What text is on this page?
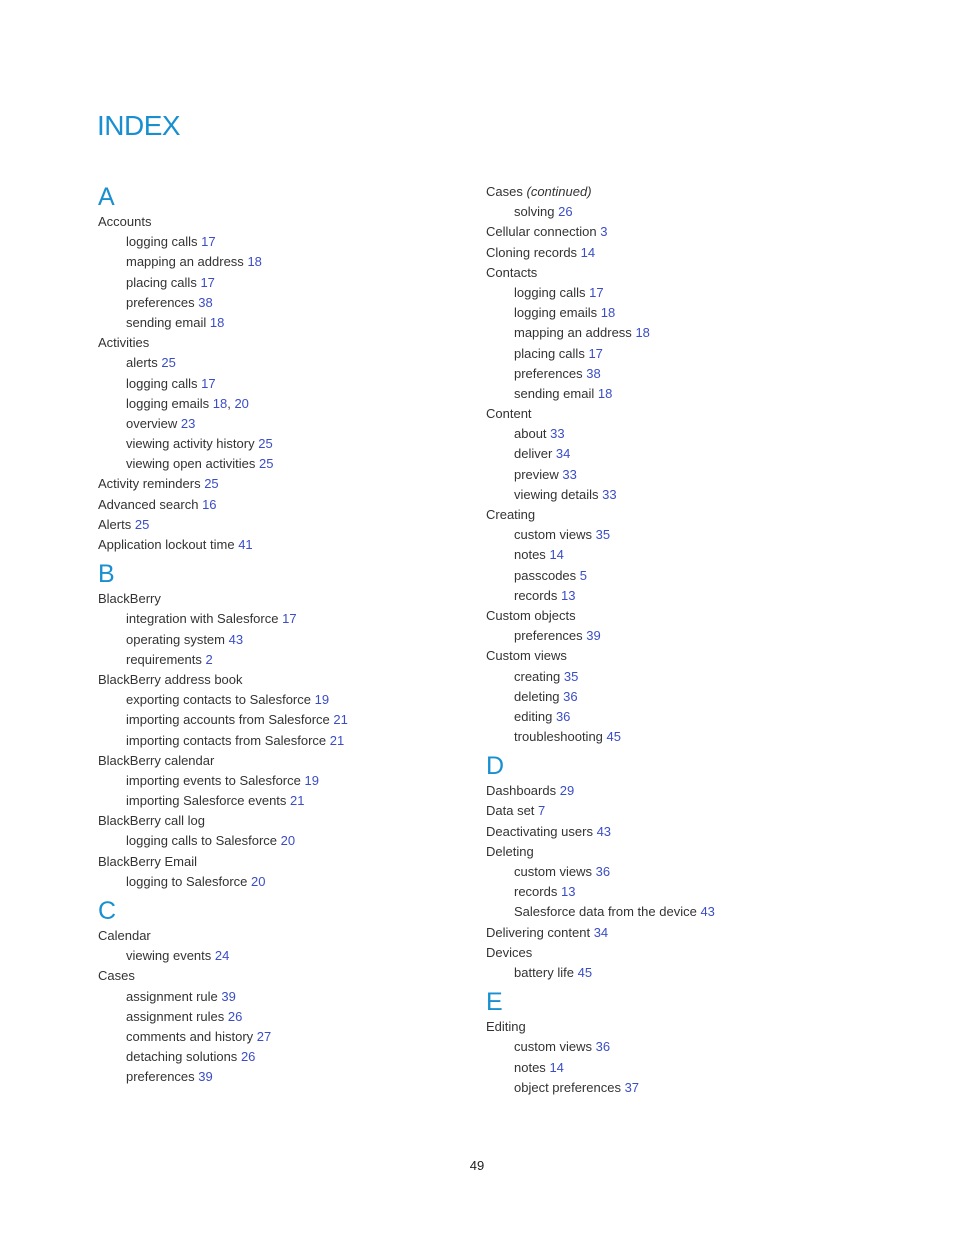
INDEX
A
Accounts
logging calls 17
mapping an address 18
placing calls 17
preferences 38
sending email 18
Activities
alerts 25
logging calls 17
logging emails 18, 20
overview 23
viewing activity history 25
viewing open activities 25
Activity reminders 25
Advanced search 16
Alerts 25
Application lockout time 41
B
BlackBerry
integration with Salesforce 17
operating system 43
requirements 2
BlackBerry address book
exporting contacts to Salesforce 19
importing accounts from Salesforce 21
importing contacts from Salesforce 21
BlackBerry calendar
importing events to Salesforce 19
importing Salesforce events 21
BlackBerry call log
logging calls to Salesforce 20
BlackBerry Email
logging to Salesforce 20
C
Calendar
viewing events 24
Cases
assignment rule 39
assignment rules 26
comments and history 27
detaching solutions 26
preferences 39
Cases (continued)
solving 26
Cellular connection 3
Cloning records 14
Contacts
logging calls 17
logging emails 18
mapping an address 18
placing calls 17
preferences 38
sending email 18
Content
about 33
deliver 34
preview 33
viewing details 33
Creating
custom views 35
notes 14
passcodes 5
records 13
Custom objects
preferences 39
Custom views
creating 35
deleting 36
editing 36
troubleshooting 45
D
Dashboards 29
Data set 7
Deactivating users 43
Deleting
custom views 36
records 13
Salesforce data from the device 43
Delivering content 34
Devices
battery life 45
E
Editing
custom views 36
notes 14
object preferences 37
49
